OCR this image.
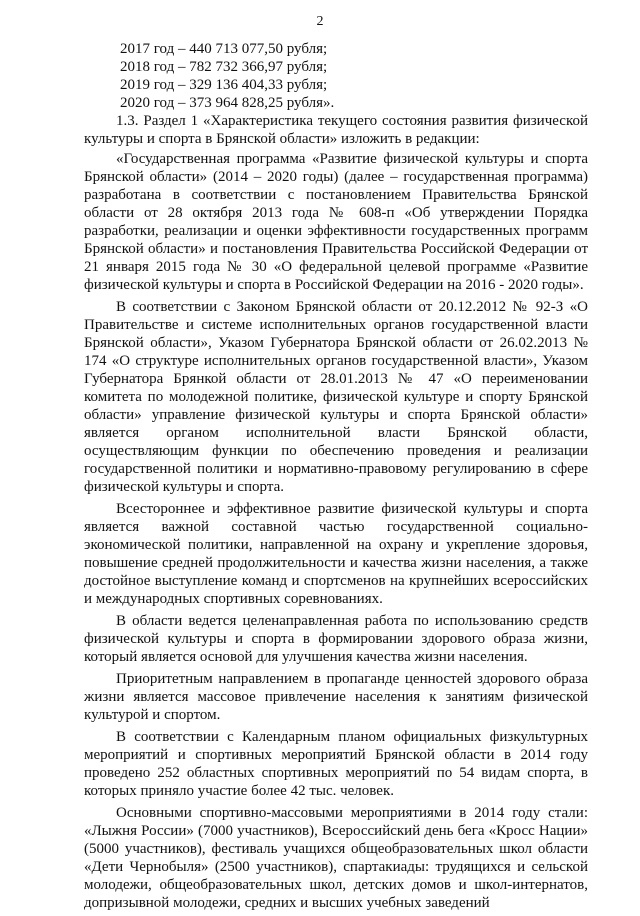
2
2017 год – 440 713 077,50 рубля;
2018 год – 782 732 366,97 рубля;
2019 год – 329 136 404,33 рубля;
2020 год – 373 964 828,25 рубля».

1.3. Раздел 1 «Характеристика текущего состояния развития физической культуры и спорта в Брянской области» изложить в редакции:

«Государственная программа «Развитие физической культуры и спорта Брянской области» (2014 – 2020 годы) (далее – государственная программа) разработана в соответствии с постановлением Правительства Брянской области от 28 октября 2013 года № 608-п «Об утверждении Порядка разработки, реализации и оценки эффективности государственных программ Брянской области» и постановления Правительства Российской Федерации от 21 января 2015 года № 30 «О федеральной целевой программе «Развитие физической культуры и спорта в Российской Федерации на 2016 - 2020 годы».

В соответствии с Законом Брянской области от 20.12.2012 № 92-З «О Правительстве и системе исполнительных органов государственной власти Брянской области», Указом Губернатора Брянской области от 26.02.2013 № 174 «О структуре исполнительных органов государственной власти», Указом Губернатора Брянкой области от 28.01.2013 № 47 «О переименовании комитета по молодежной политике, физической культуре и спорту Брянской области» управление физической культуры и спорта Брянской области» является органом исполнительной власти Брянской области, осуществляющим функции по обеспечению проведения и реализации государственной политики и нормативно-правовому регулированию в сфере физической культуры и спорта.

Всестороннее и эффективное развитие физической культуры и спорта является важной составной частью государственной социально-экономической политики, направленной на охрану и укрепление здоровья, повышение средней продолжительности и качества жизни населения, а также достойное выступление команд и спортсменов на крупнейших всероссийских и международных спортивных соревнованиях.

В области ведется целенаправленная работа по использованию средств физической культуры и спорта в формировании здорового образа жизни, который является основой для улучшения качества жизни населения.

Приоритетным направлением в пропаганде ценностей здорового образа жизни является массовое привлечение населения к занятиям физической культурой и спортом.

В соответствии с Календарным планом официальных физкультурных мероприятий и спортивных мероприятий Брянской области в 2014 году проведено 252 областных спортивных мероприятий по 54 видам спорта, в которых приняло участие более 42 тыс. человек.

Основными спортивно-массовыми мероприятиями в 2014 году стали: «Лыжня России» (7000 участников), Всероссийский день бега «Кросс Нации» (5000 участников), фестиваль учащихся общеобразовательных школ области «Дети Чернобыля» (2500 участников), спартакиады: трудящихся и сельской молодежи, общеобразовательных школ, детских домов и школ-интернатов, допризывной молодежи, средних и высших учебных заведений
